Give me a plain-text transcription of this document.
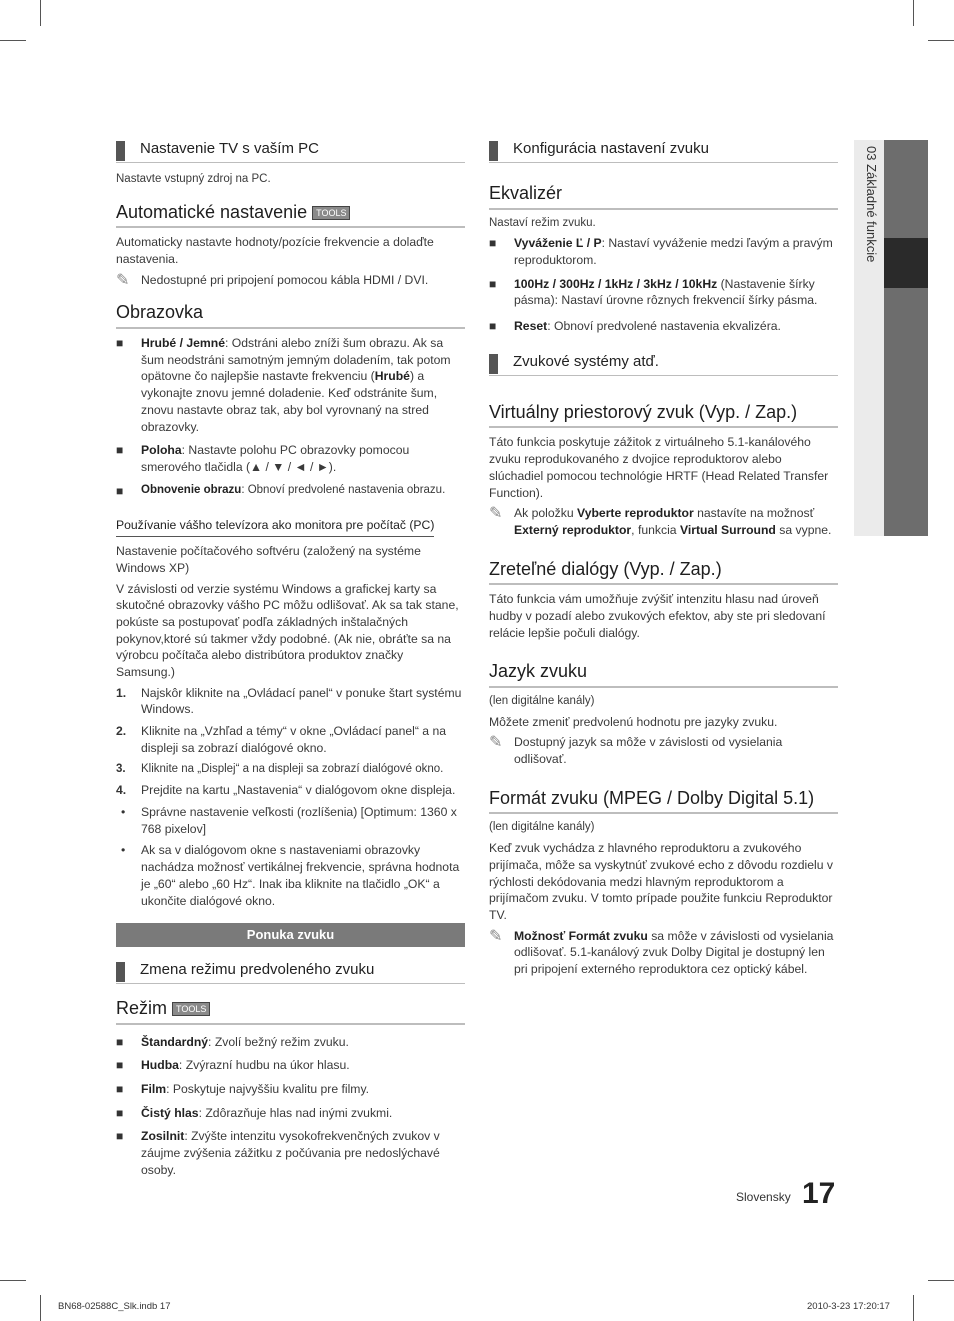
03 Základné funkcie
Nastavenie TV s vaším PC

Nastavte vstupný zdroj na PC.

Automatické nastavenie TOOLS

Automaticky nastavte hodnoty/pozície frekvencie a dolaďte nastavenia.

✎ Nedostupné pri pripojení pomocou kábla HDMI / DVI.
Obrazovka
■ Hrubé / Jemné: Odstráni alebo zníži šum obrazu. Ak sa šum neodstráni samotným jemným doladením, tak potom opätovne čo najlepšie nastavte frekvenciu (Hrubé) a vykonajte znovu jemné doladenie. Keď odstránite šum, znovu nastavte obraz tak, aby bol vyrovnaný na stred obrazovky.
■ Poloha: Nastavte polohu PC obrazovky pomocou smerového tlačidla (▲ / ▼ / ◄ / ►).
■ Obnovenie obrazu: Obnoví predvolené nastavenia obrazu.
Používanie vášho televízora ako monitora pre počítač (PC)

Nastavenie počítačového softvéru (založený na systéme Windows XP)

V závislosti od verzie systému Windows a grafickej karty sa skutočné obrazovky vášho PC môžu odlišovať. Ak sa tak stane, pokúste sa postupovať podľa základných inštalačných pokynov,ktoré sú takmer vždy podobné. (Ak nie, obráťte sa na výrobcu počítača alebo distribútora produktov značky Samsung.)

1. Najskôr kliknite na „Ovládací panel“ v ponuke štart systému Windows.
2. Kliknite na „Vzhľad a témy“ v okne „Ovládací panel“ a na displeji sa zobrazí dialógové okno.
3. Kliknite na „Displej“ a na displeji sa zobrazí dialógové okno.
4. Prejdite na kartu „Nastavenia“ v dialógovom okne displeja.
• Správne nastavenie veľkosti (rozlíšenia) [Optimum: 1360 x 768 pixelov]
• Ak sa v dialógovom okne s nastaveniami obrazovky nachádza možnosť vertikálnej frekvencie, správna hodnota je „60“ alebo „60 Hz“. Inak iba kliknite na tlačidlo „OK“ a ukončite dialógové okno.
Ponuka zvuku
Zmena režimu predvoleného zvuku
Režim TOOLS
■ Štandardný: Zvolí bežný režim zvuku.
■ Hudba: Zvýrazní hudbu na úkor hlasu.
■ Film: Poskytuje najvyššiu kvalitu pre filmy.
■ Čistý hlas: Zdôrazňuje hlas nad inými zvukmi.
■ Zosilnit: Zvýšte intenzitu vysokofrekvenčných zvukov v záujme zvýšenia zážitku z počúvania pre nedoslýchavé osoby.
Konfigurácia nastavení zvuku
Ekvalizér

Nastaví režim zvuku.

■ Vyváženie Ľ / P: Nastaví vyváženie medzi ľavým a pravým reproduktorom.
■ 100Hz / 300Hz / 1kHz / 3kHz / 10kHz (Nastavenie šírky pásma): Nastaví úrovne rôznych frekvencií šírky pásma.
■ Reset: Obnoví predvolené nastavenia ekvalizéra.
Zvukové systémy atď.
Virtuálny priestorový zvuk (Vyp. / Zap.)

Táto funkcia poskytuje zážitok z virtuálneho 5.1-kanálového zvuku reprodukovaného z dvojice reproduktorov alebo slúchadiel pomocou technológie HRTF (Head Related Transfer Function).

✎ Ak položku Vyberte reproduktor nastavíte na možnosť Externý reproduktor, funkcia Virtual Surround sa vypne.
Zreteľné dialógy (Vyp. / Zap.)

Táto funkcia vám umožňuje zvýšiť intenzitu hlasu nad úroveň hudby v pozadí alebo zvukových efektov, aby ste pri sledovaní relácie lepšie počuli dialógy.

Jazyk zvuku

(len digitálne kanály)

Môžete zmeniť predvolenú hodnotu pre jazyky zvuku.

✎ Dostupný jazyk sa môže v závislosti od vysielania odlišovať.
Formát zvuku (MPEG / Dolby Digital 5.1)

(len digitálne kanály)

Keď zvuk vychádza z hlavného reproduktoru a zvukového prijímača, môže sa vyskytnúť zvukové echo z dôvodu rozdielu v rýchlosti dekódovania medzi hlavným reproduktorom a prijímačom zvuku. V tomto prípade použite funkciu Reproduktor TV.

✎ Možnosť Formát zvuku sa môže v závislosti od vysielania odlišovať. 5.1-kanálový zvuk Dolby Digital je dostupný len pri pripojení externého reproduktora cez optický kábel.
Slovensky 17
BN68-02588C_Slk.indb 17	2010-3-23 17:20:17
